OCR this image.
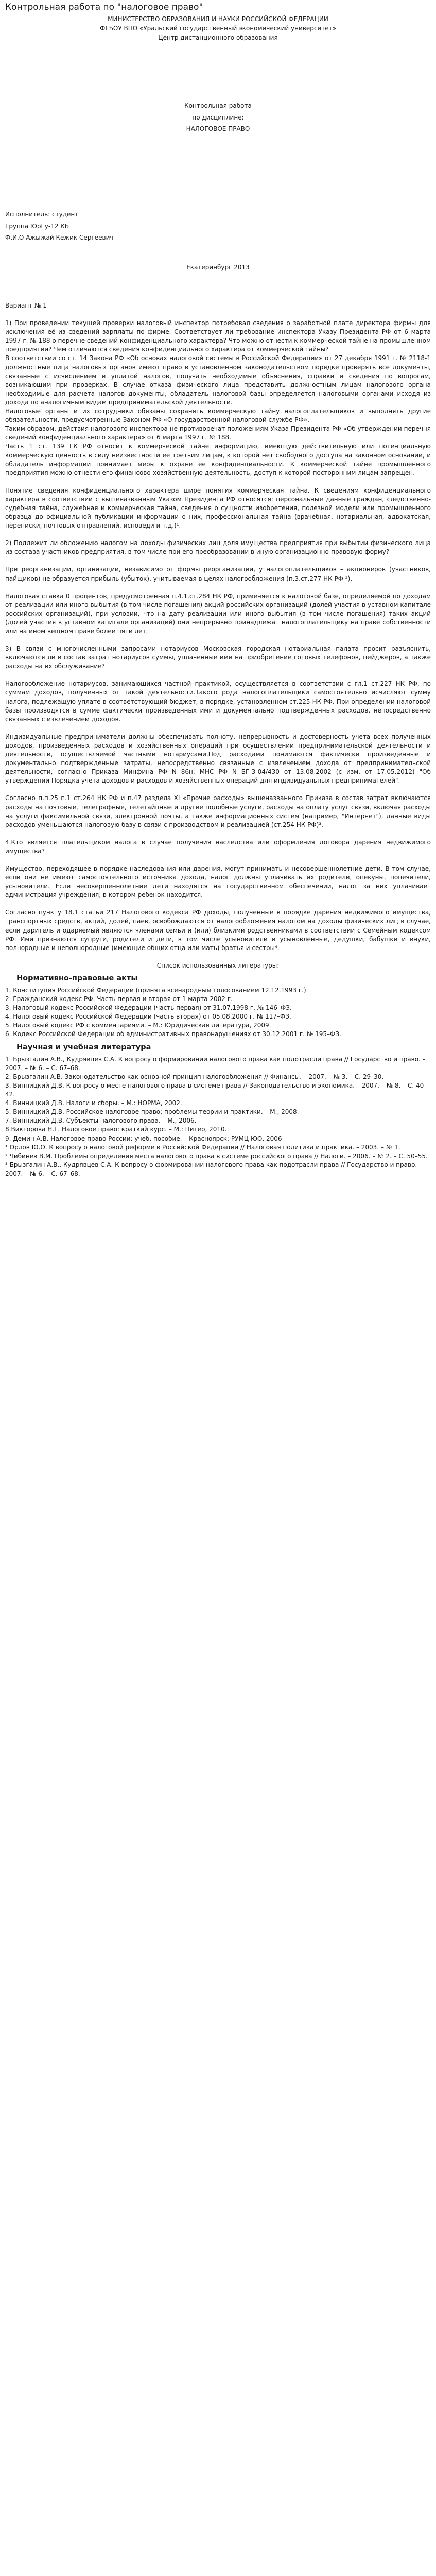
Контрольная работа по "налоговое право"
МИНИСТЕРСТВО ОБРАЗОВАНИЯ И НАУКИ РОССИЙСКОЙ ФЕДЕРАЦИИ
ФГБОУ ВПО «Уральский государственный экономический университет»
Центр дистанционного образования
Контрольная работа
по дисциплине:
НАЛОГОВОЕ ПРАВО
Исполнитель: студент
Группа ЮрГу-12 КБ
Ф.И.О Ажыжай Кежик Сергеевич
Екатеринбург 2013

Вариант № 1

1) При проведении текущей проверки налоговый инспектор потребовал сведения о заработной плате директора фирмы для исключения её из сведений зарплаты по фирме. Соответствует ли требование инспектора Указу Президента РФ от 6 марта 1997 г. № 188 о перечне сведений конфиденциального характера? Что можно отнести к коммерческой тайне на промышленном предприятии? Чем отличаются сведения конфиденциального характера от коммерческой тайны?

В соответствии со ст. 14 Закона РФ «Об основах налоговой системы в Российской Федерации» от 27 декабря 1991 г. № 2118-1 должностные лица налоговых органов имеют право в установленном законодательством порядке проверять все документы, связанные с исчислением и уплатой налогов, получать необходимые объяснения, справки и сведения по вопросам, возникающим при проверках. В случае отказа физического лица представить должностным лицам налогового органа необходимые для расчета налогов документы, обладатель налоговой базы определяется налоговыми органами исходя из дохода по аналогичным видам предпринимательской деятельности.

Налоговые органы и их сотрудники обязаны сохранять коммерческую тайну налогоплательщиков и выполнять другие обязательности, предусмотренные Законом РФ «О государственной налоговой службе РФ».

Таким образом, действия налогового инспектора не противоречат положениям Указа Президента РФ «Об утверждении перечня сведений конфиденциального характера» от 6 марта 1997 г. № 188.

Часть 1 ст. 139 ГК РФ относит к коммерческой тайне информацию, имеющую действительную или потенциальную коммерческую ценность в силу неизвестности ее третьим лицам, к которой нет свободного доступа на законном основании, и обладатель информации принимает меры к охране ее конфиденциальности. К коммерческой тайне промышленного предприятия можно отнести его финансово-хозяйственную деятельность, доступ к которой посторонним лицам запрещен.

Понятие сведения конфиденциального характера шире понятия коммерческая тайна. К сведениям конфиденциального характера в соответствии с вышеназванным Указом Президента РФ относятся: персональные данные граждан, следственно-судебная тайна, служебная и коммерческая тайна, сведения о сущности изобретения, полезной модели или промышленного образца до официальной публикации информации о них, профессиональная тайна (врачебная, нотариальная, адвокатская, переписки, почтовых отправлений, исповеди и т.д.)¹.

2) Подлежит ли обложению налогом на доходы физических лиц доля имущества предприятия при выбытии физического лица из состава участников предприятия, в том числе при его преобразовании в иную организационно-правовую форму?

При реорганизации, организации, независимо от формы реорганизации, у налогоплательщиков – акционеров (участников, пайщиков) не образуется прибыль (убыток), учитываемая в целях налогообложения (п.3.ст.277 НК РФ ²).

Налоговая ставка 0 процентов, предусмотренная п.4.1.ст.284 НК РФ, применяется к налоговой базе, определяемой по доходам от реализации или иного выбытия (в том числе погашения) акций российских организаций (долей участия в уставном капитале российских организаций), при условии, что на дату реализации или иного выбытия (в том числе погашения) таких акций (долей участия в уставном капитале организаций) они непрерывно принадлежат налогоплательщику на праве собственности или на ином вещном праве более пяти лет.

3) В связи с многочисленными запросами нотариусов Московская городская нотариальная палата просит разъяснить, включаются ли в состав затрат нотариусов суммы, уплаченные ими на приобретение сотовых телефонов, пейджеров, а также расходы на их обслуживание?

Налогообложение нотариусов, занимающихся частной практикой, осуществляется в соответствии с гл.1 ст.227 НК РФ, по суммам доходов, полученных от такой деятельности.Такого рода налогоплательщики самостоятельно исчисляют сумму налога, подлежащую уплате в соответствующий бюджет, в порядке, установленном ст.225 НК РФ. При определении налоговой базы производятся в сумме фактически произведенных ими и документально подтвержденных расходов, непосредственно связанных с извлечением доходов.

Индивидуальные предприниматели должны обеспечивать полноту, непрерывность и достоверность учета всех полученных доходов, произведенных расходов и хозяйственных операций при осуществлении предпринимательской деятельности и деятельности, осуществляемой частными нотариусами.Под расходами понимаются фактически произведенные и документально подтвержденные затраты, непосредственно связанные с извлечением дохода от предпринимательской деятельности, согласно Приказа Минфина РФ N 86н, МНС РФ N БГ-3-04/430 от 13.08.2002 (с изм. от 17.05.2012) "Об утверждении Порядка учета доходов и расходов и хозяйственных операций для индивидуальных предпринимателей".

Согласно п.п.25 п.1 ст.264 НК РФ и п.47 раздела XI «Прочие расходы» вышеназванного Приказа в состав затрат включаются расходы на почтовые, телеграфные, телетайпные и другие подобные услуги, расходы на оплату услуг связи, включая расходы на услуги факсимильной связи, электронной почты, а также информационных систем (например, "Интернет"), данные виды расходов уменьшаются налоговую базу в связи с производством и реализацией (ст.254 НК РФ)³.

4.Кто является плательщиком налога в случае получения наследства или оформления договора дарения недвижимого имущества?

Имущество, переходящее в порядке наследования или дарения, могут принимать и несовершеннолетние дети. В том случае, если они не имеют самостоятельного источника дохода, налог должны уплачивать их родители, опекуны, попечители, усыновители. Если несовершеннолетние дети находятся на государственном обеспечении, налог за них уплачивает администрация учреждения, в котором ребенок находится.

Согласно пункту 18.1 статьи 217 Налогового кодекса РФ доходы, полученные в порядке дарения недвижимого имущества, транспортных средств, акций, долей, паев, освобождаются от налогообложения налогом на доходы физических лиц в случае, если даритель и одаряемый являются членами семьи и (или) близкими родственниками в соответствии с Семейным кодексом РФ. Ими признаются супруги, родители и дети, в том числе усыновители и усыновленные, дедушки, бабушки и внуки, полнородные и неполнородные (имеющие общих отца или мать) братья и сестры⁴.

Список использованных литературы:

Нормативно-правовые акты

1. Конституция Российской Федерации (принята всенародным голосованием 12.12.1993 г.)

2. Гражданский кодекс РФ. Часть первая и вторая от 1 марта 2002 г.

3. Налоговый кодекс Российской Федерации (часть первая) от 31.07.1998 г. № 146–ФЗ.

4. Налоговый кодекс Российской Федерации (часть вторая) от 05.08.2000 г. № 117–ФЗ.

5. Налоговый кодекс РФ с комментариями. – М.: Юридическая литература, 2009.

6. Кодекс Российской Федерации об административных правонарушениях от 30.12.2001 г. № 195–ФЗ.

Научная и учебная литература

1. Брызгалин А.В., Кудрявцев С.А. К вопросу о формировании налогового права как подотрасли права // Государство и право. – 2007. – № 6. – С. 67–68.

2. Брызгалин А.В. Законодательство как основной принцип налогообложения // Финансы. – 2007. – № 3. – С. 29–30.

3. Винницкий Д.В. К вопросу о месте налогового права в системе права // Законодательство и экономика. – 2007. – № 8. – С. 40–42.

4. Винницкий Д.В. Налоги и сборы. – М.: НОРМА, 2002.

5. Винницкий Д.В. Российское налоговое право: проблемы теории и практики. – М., 2008.

7. Винницкий Д.В. Субъекты налогового права. – М., 2006.

8.Викторова Н.Г. Налоговое право: краткий курс. – М.: Питер, 2010.

9. Демин А.В. Налоговое право России: учеб. пособие. – Красноярск: РУМЦ ЮО, 2006

¹ Орлов Ю.О. К вопросу о налоговой реформе в Российской Федерации // Налоговая политика и практика. – 2003. – № 1.

² Чибинев В.М. Проблемы определения места налогового права в системе российского права // Налоги. – 2006. – № 2. – С. 50–55.

³ Брызгалин А.В., Кудрявцев С.А. К вопросу о формировании налогового права как подотрасли права // Государство и право. – 2007. – № 6. – С. 67–68.
